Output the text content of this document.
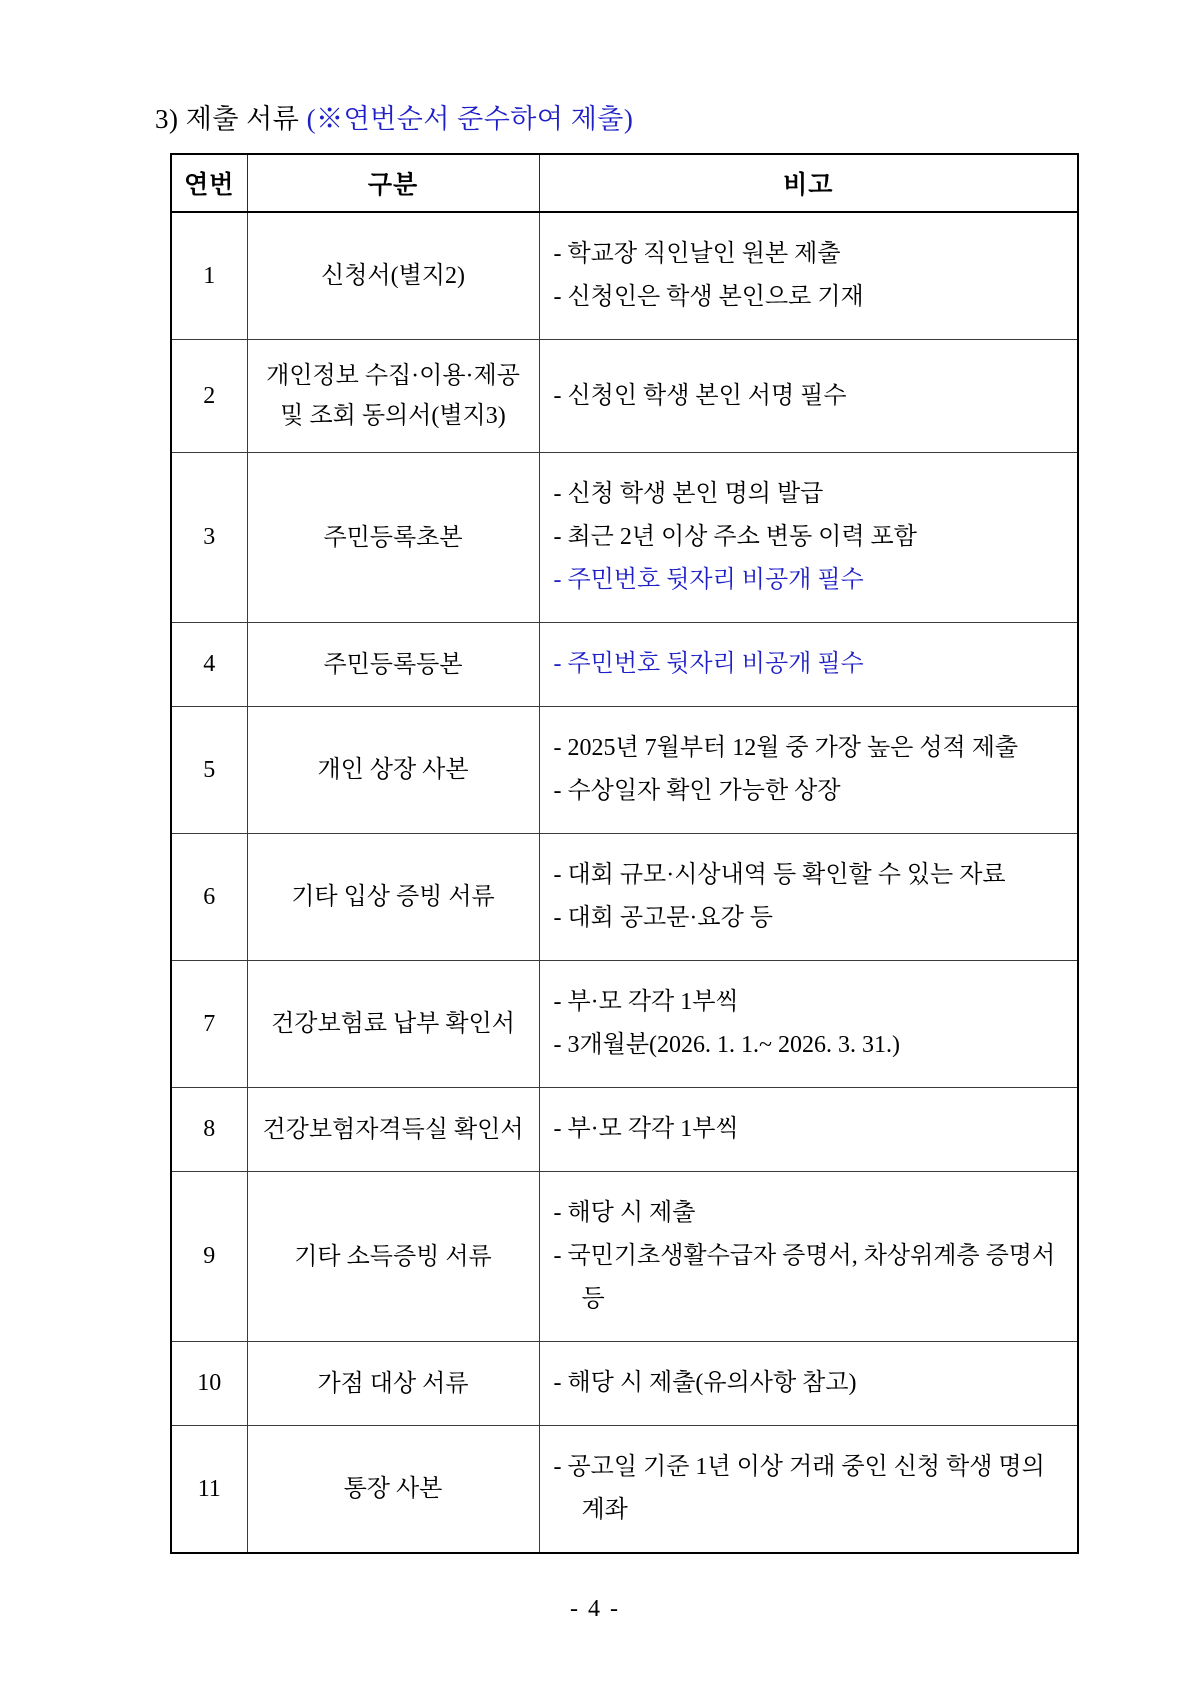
3) 제출 서류 (※연번순서 준수하여 제출)
연번	구분	비고
1	신청서(별지2)	- 학교장 직인날인 원본 제출
- 신청인은 학생 본인으로 기재

2	개인정보 수집·이용·제공
및 조회 동의서(별지3)	- 신청인 학생 본인 서명 필수

3	주민등록초본	- 신청 학생 본인 명의 발급
- 최근 2년 이상 주소 변동 이력 포함
- 주민번호 뒷자리 비공개 필수

4	주민등록등본	- 주민번호 뒷자리 비공개 필수

5	개인 상장 사본	- 2025년 7월부터 12월 중 가장 높은 성적 제출
- 수상일자 확인 가능한 상장

6	기타 입상 증빙 서류	- 대회 규모·시상내역 등 확인할 수 있는 자료
- 대회 공고문·요강 등

7	건강보험료 납부 확인서	- 부·모 각각 1부씩
- 3개월분(2026. 1. 1.~ 2026. 3. 31.)

8	건강보험자격득실 확인서	- 부·모 각각 1부씩

9	기타 소득증빙 서류	- 해당 시 제출
- 국민기초생활수급자 증명서, 차상위계층 증명서 등

10	가점 대상 서류	- 해당 시 제출(유의사항 참고)

11	통장 사본	- 공고일 기준 1년 이상 거래 중인 신청 학생 명의 계좌
- 4 -
